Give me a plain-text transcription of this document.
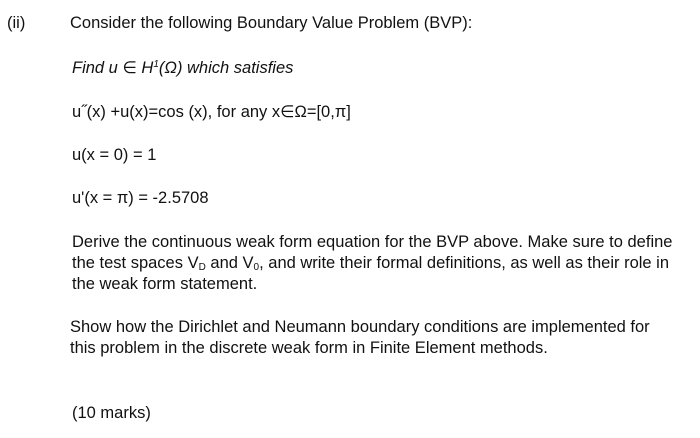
(ii)	Consider the following Boundary Value Problem (BVP):
Find u ∈ $H^1(\Omega)$ which satisfies
u˝(x) +u(x)=cos (x), for any x∈Ω=[0,π]
u(x = 0) = 1
u'(x = π) = -2.5708
Derive the continuous weak form equation for the BVP above. Make sure to define the test spaces $V_D$ and $V_0$, and write their formal definitions, as well as their role in the weak form statement.
Show how the Dirichlet and Neumann boundary conditions are implemented for this problem in the discrete weak form in Finite Element methods.
(10 marks)
